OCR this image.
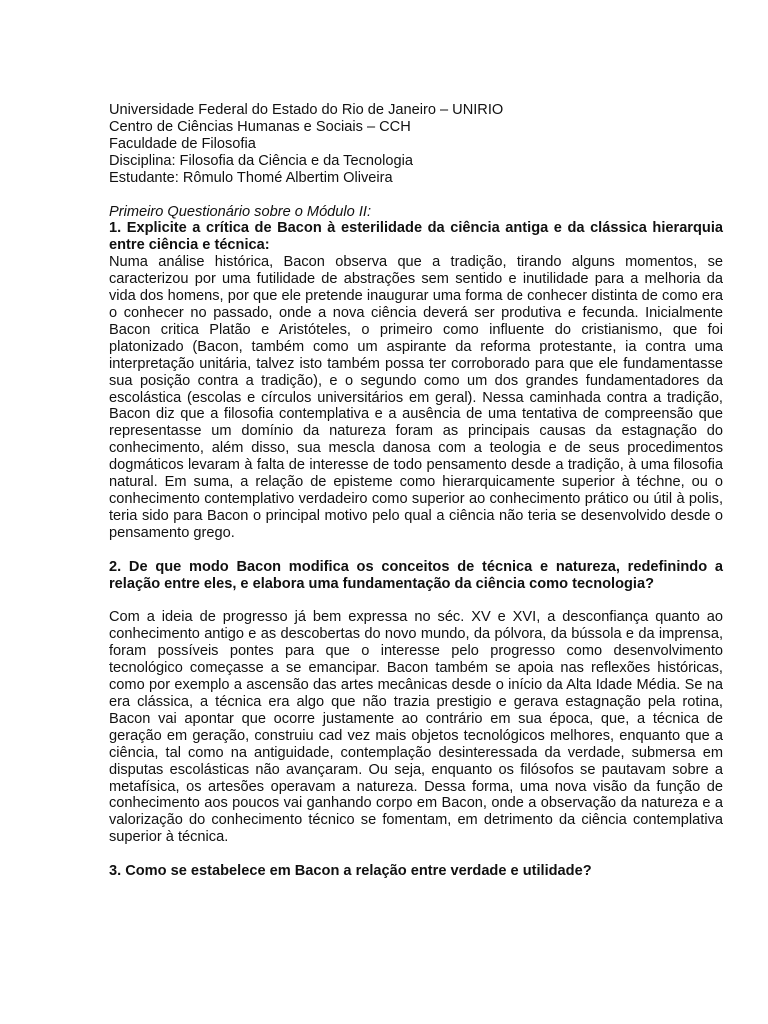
Universidade Federal do Estado do Rio de Janeiro – UNIRIO
Centro de Ciências Humanas e Sociais – CCH
Faculdade de Filosofia
Disciplina: Filosofia da Ciência e da Tecnologia
Estudante: Rômulo Thomé Albertim Oliveira
Primeiro Questionário sobre o Módulo II:
1. Explicite a crítica de Bacon à esterilidade da ciência antiga e da clássica hierarquia entre ciência e técnica:

Numa análise histórica, Bacon observa que a tradição, tirando alguns momentos, se caracterizou por uma futilidade de abstrações sem sentido e inutilidade para a melhoria da vida dos homens, por que ele pretende inaugurar uma forma de conhecer distinta de como era o conhecer no passado, onde a nova ciência deverá ser produtiva e fecunda. Inicialmente Bacon critica Platão e Aristóteles, o primeiro como influente do cristianismo, que foi platonizado (Bacon, também como um aspirante da reforma protestante, ia contra uma interpretação unitária, talvez isto também possa ter corroborado para que ele fundamentasse sua posição contra a tradição), e o segundo como um dos grandes fundamentadores da escolástica (escolas e círculos universitários em geral). Nessa caminhada contra a tradição, Bacon diz que a filosofia contemplativa e a ausência de uma tentativa de compreensão que representasse um domínio da natureza foram as principais causas da estagnação do conhecimento, além disso, sua mescla danosa com a teologia e de seus procedimentos dogmáticos levaram à falta de interesse de todo pensamento desde a tradição, à uma filosofia natural. Em suma, a relação de episteme como hierarquicamente superior à téchne, ou o conhecimento contemplativo verdadeiro como superior ao conhecimento prático ou útil à polis, teria sido para Bacon o principal motivo pelo qual a ciência não teria se desenvolvido desde o pensamento grego.

2. De que modo Bacon modifica os conceitos de técnica e natureza, redefinindo a relação entre eles, e elabora uma fundamentação da ciência como tecnologia?

Com a ideia de progresso já bem expressa no séc. XV e XVI, a desconfiança quanto ao conhecimento antigo e as descobertas do novo mundo, da pólvora, da bússola e da imprensa, foram possíveis pontes para que o interesse pelo progresso como desenvolvimento tecnológico começasse a se emancipar. Bacon também se apoia nas reflexões históricas, como por exemplo a ascensão das artes mecânicas desde o início da Alta Idade Média. Se na era clássica, a técnica era algo que não trazia prestigio e gerava estagnação pela rotina, Bacon vai apontar que ocorre justamente ao contrário em sua época, que, a técnica de geração em geração, construiu cad vez mais objetos tecnológicos melhores, enquanto que a ciência, tal como na antiguidade, contemplação desinteressada da verdade, submersa em disputas escolásticas não avançaram. Ou seja, enquanto os filósofos se pautavam sobre a metafísica, os artesões operavam a natureza. Dessa forma, uma nova visão da função de conhecimento aos poucos vai ganhando corpo em Bacon, onde a observação da natureza e a valorização do conhecimento técnico se fomentam, em detrimento da ciência contemplativa superior à técnica.

3. Como se estabelece em Bacon a relação entre verdade e utilidade?
